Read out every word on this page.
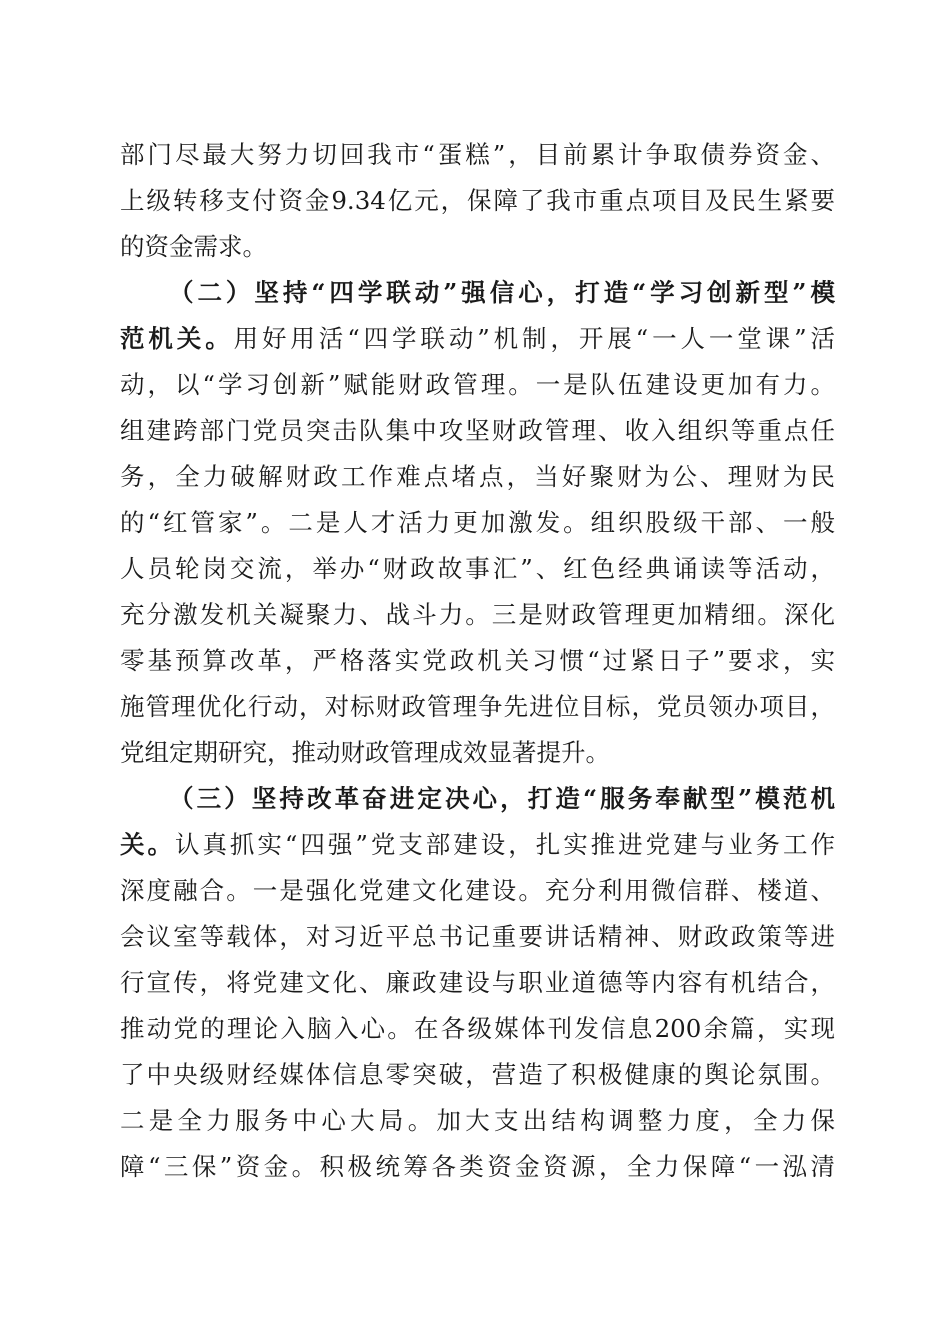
部门尽最大努力切回我市“蛋糕”，目前累计争取债券资金、
上级转移支付资金9.34亿元，保障了我市重点项目及民生紧要
的资金需求。
（二）坚持“四学联动”强信心，打造“学习创新型”模
范机关。用好用活“四学联动”机制，开展“一人一堂课”活
动，以“学习创新”赋能财政管理。一是队伍建设更加有力。
组建跨部门党员突击队集中攻坚财政管理、收入组织等重点任
务，全力破解财政工作难点堵点，当好聚财为公、理财为民
的“红管家”。二是人才活力更加激发。组织股级干部、一般
人员轮岗交流，举办“财政故事汇”、红色经典诵读等活动，
充分激发机关凝聚力、战斗力。三是财政管理更加精细。深化
零基预算改革，严格落实党政机关习惯“过紧日子”要求，实
施管理优化行动，对标财政管理争先进位目标，党员领办项目，
党组定期研究，推动财政管理成效显著提升。
（三）坚持改革奋进定决心，打造“服务奉献型”模范机
关。认真抓实“四强”党支部建设，扎实推进党建与业务工作
深度融合。一是强化党建文化建设。充分利用微信群、楼道、
会议室等载体，对习近平总书记重要讲话精神、财政政策等进
行宣传，将党建文化、廉政建设与职业道德等内容有机结合，
推动党的理论入脑入心。在各级媒体刊发信息200余篇，实现
了中央级财经媒体信息零突破，营造了积极健康的舆论氛围。
二是全力服务中心大局。加大支出结构调整力度，全力保
障“三保”资金。积极统筹各类资金资源，全力保障“一泓清
